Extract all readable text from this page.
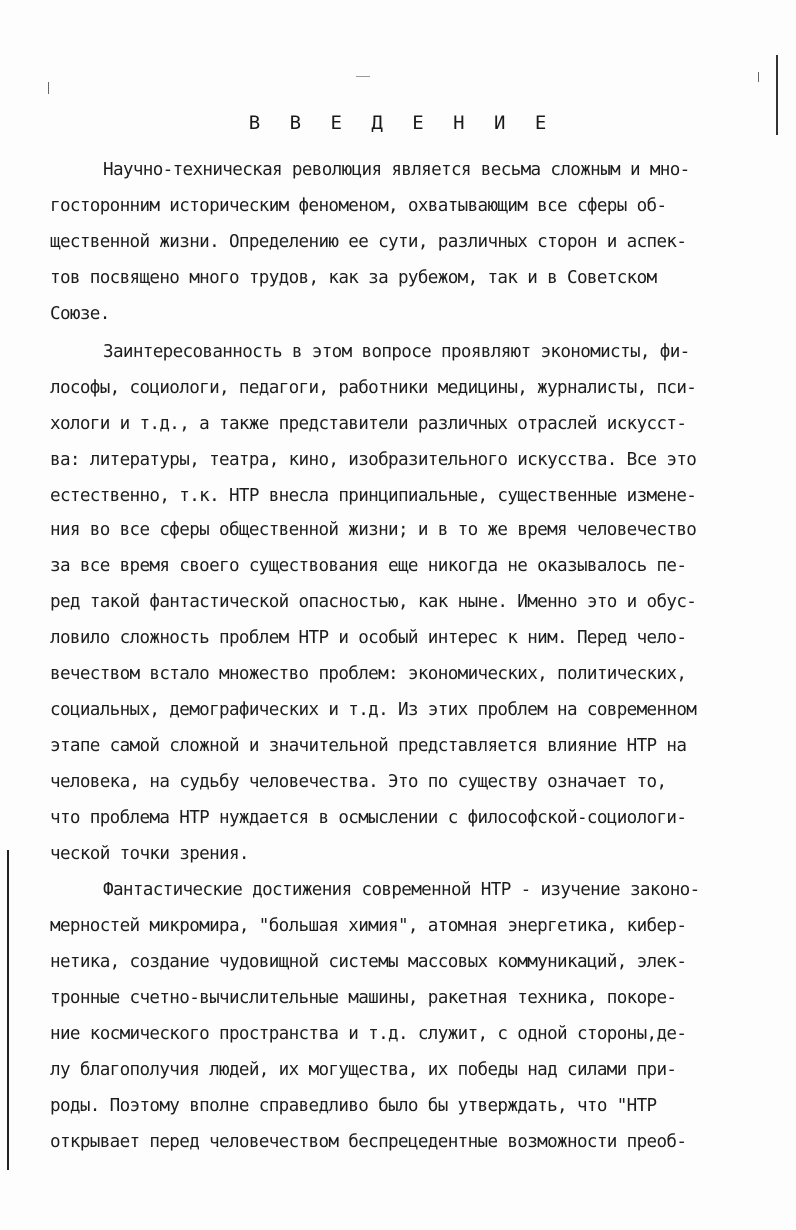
В В Е Д Е Н И Е
Научно-техническая революция является весьма сложным и мно-
госторонним историческим феноменом, охватывающим все сферы об-
щественной жизни. Определению ее сути, различных сторон и аспек-
тов посвящено много трудов, как за рубежом, так и в Советском
Союзе.
Заинтересованность в этом вопросе проявляют экономисты, фи-
лософы, социологи, педагоги, работники медицины, журналисты, пси-
хологи и т.д., а также представители различных отраслей искусст-
ва: литературы, театра, кино, изобразительного искусства. Все это
естественно, т.к. НТР внесла принципиальные, существенные измене-
ния во все сферы общественной жизни; и в то же время человечество
за все время своего существования еще никогда не оказывалось пе-
ред такой фантастической опасностью, как ныне. Именно это и обус-
ловило сложность проблем НТР и особый интерес к ним. Перед чело-
вечеством встало множество проблем: экономических, политических,
социальных, демографических и т.д. Из этих проблем на современном
этапе самой сложной и значительной представляется влияние НТР на
человека, на судьбу человечества. Это по существу означает то,
что проблема НТР нуждается в осмыслении с философской-социологи-
ческой точки зрения.
Фантастические достижения современной НТР - изучение законо-
мерностей микромира, "большая химия", атомная энергетика, кибер-
нетика, создание чудовищной системы массовых коммуникаций, элек-
тронные счетно-вычислительные машины, ракетная техника, покоре-
ние космического пространства и т.д. служит, с одной стороны,де-
лу благополучия людей, их могущества, их победы над силами при-
роды. Поэтому вполне справедливо было бы утверждать, что "НТР
открывает перед человечеством беспрецедентные возможности преоб-
